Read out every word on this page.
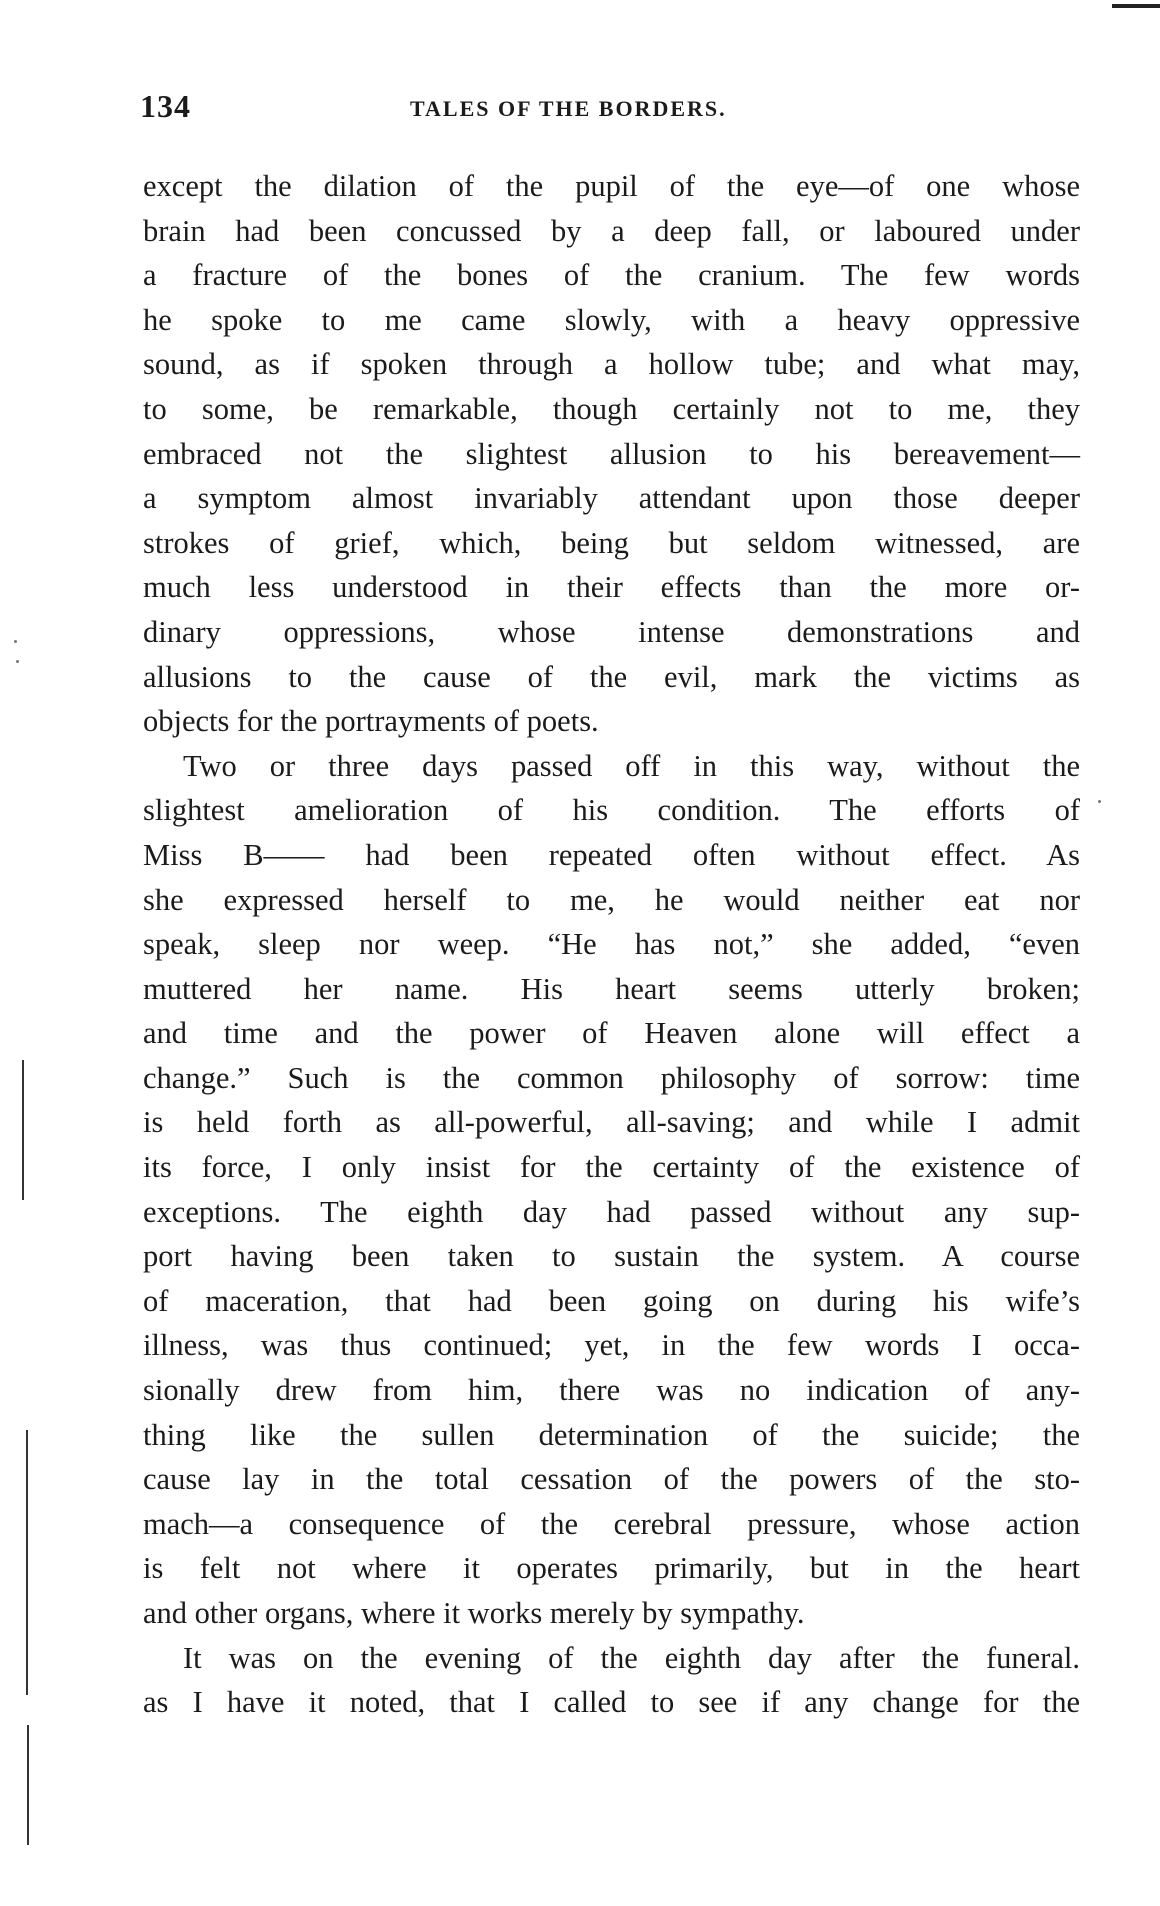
134	TALES OF THE BORDERS.
except the dilation of the pupil of the eye—of one whose
brain had been concussed by a deep fall, or laboured under
a fracture of the bones of the cranium. The few words
he spoke to me came slowly, with a heavy oppressive
sound, as if spoken through a hollow tube; and what may,
to some, be remarkable, though certainly not to me, they
embraced not the slightest allusion to his bereavement—
a symptom almost invariably attendant upon those deeper
strokes of grief, which, being but seldom witnessed, are
much less understood in their effects than the more or-
dinary oppressions, whose intense demonstrations and
allusions to the cause of the evil, mark the victims as
objects for the portrayments of poets.
Two or three days passed off in this way, without the
slightest amelioration of his condition. The efforts of
Miss B—— had been repeated often without effect. As
she expressed herself to me, he would neither eat nor
speak, sleep nor weep. “He has not,” she added, “even
muttered her name. His heart seems utterly broken;
and time and the power of Heaven alone will effect a
change.” Such is the common philosophy of sorrow: time
is held forth as all-powerful, all-saving; and while I admit
its force, I only insist for the certainty of the existence of
exceptions. The eighth day had passed without any sup-
port having been taken to sustain the system. A course
of maceration, that had been going on during his wife’s
illness, was thus continued; yet, in the few words I occa-
sionally drew from him, there was no indication of any-
thing like the sullen determination of the suicide; the
cause lay in the total cessation of the powers of the sto-
mach—a consequence of the cerebral pressure, whose action
is felt not where it operates primarily, but in the heart
and other organs, where it works merely by sympathy.
It was on the evening of the eighth day after the funeral.
as I have it noted, that I called to see if any change for the
